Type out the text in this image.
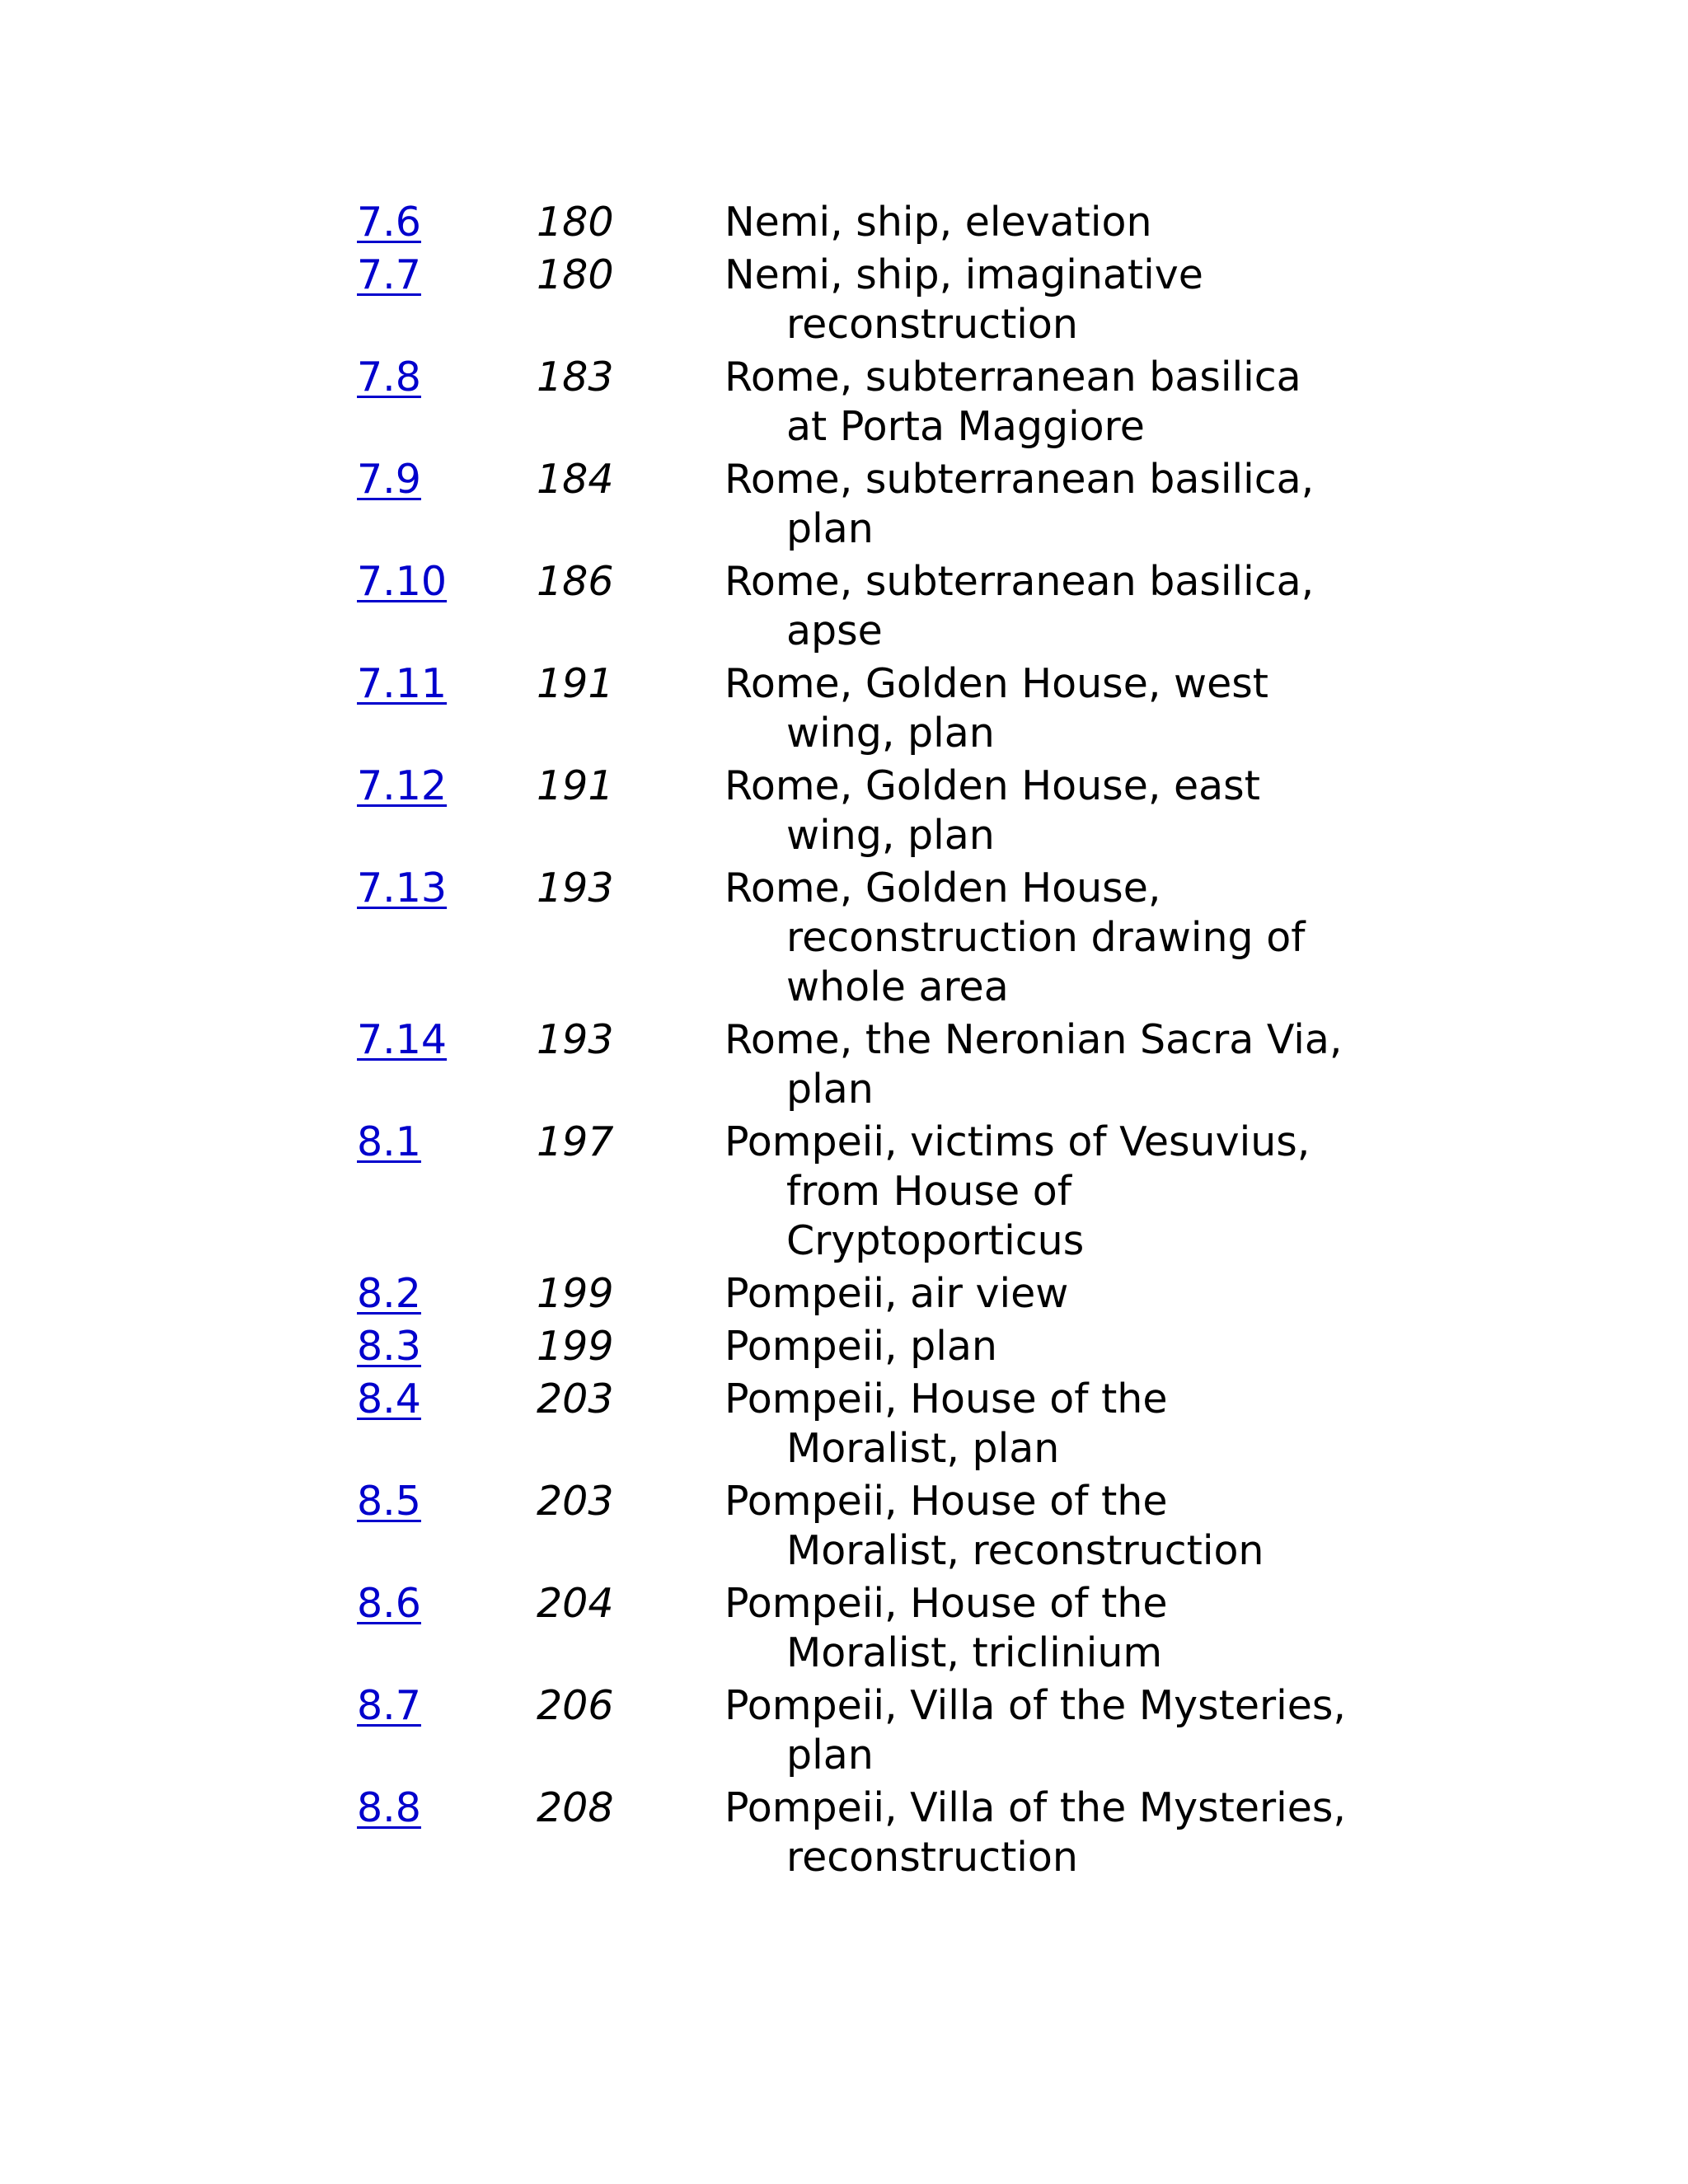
7.6	180	Nemi, ship, elevation
7.7	180	Nemi, ship, imaginative reconstruction
7.8	183	Rome, subterranean basilica at Porta Maggiore
7.9	184	Rome, subterranean basilica, plan
7.10	186	Rome, subterranean basilica, apse
7.11	191	Rome, Golden House, west wing, plan
7.12	191	Rome, Golden House, east wing, plan
7.13	193	Rome, Golden House, reconstruction drawing of whole area
7.14	193	Rome, the Neronian Sacra Via, plan
8.1	197	Pompeii, victims of Vesuvius, from House of Cryptoporticus
8.2	199	Pompeii, air view
8.3	199	Pompeii, plan
8.4	203	Pompeii, House of the Moralist, plan
8.5	203	Pompeii, House of the Moralist, reconstruction
8.6	204	Pompeii, House of the Moralist, triclinium
8.7	206	Pompeii, Villa of the Mysteries, plan
8.8	208	Pompeii, Villa of the Mysteries, reconstruction
